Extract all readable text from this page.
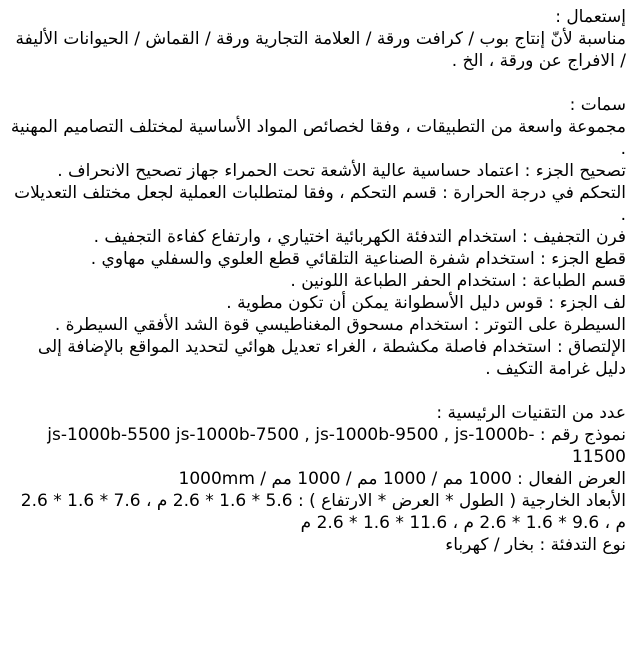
إستعمال :

مناسبة لأنّ إنتاج بوب / كرافت ورقة / العلامة التجارية ورقة / القماش / الحيوانات الأليفة / الافراج عن ورقة ، الخ .

سمات :

مجموعة واسعة من التطبيقات ، وفقا لخصائص المواد الأساسية لمختلف التصاميم المهنية .

تصحيح الجزء : اعتماد حساسية عالية الأشعة تحت الحمراء جهاز تصحيح الانحراف .

التحكم في درجة الحرارة : قسم التحكم ، وفقا لمتطلبات العملية لجعل مختلف التعديلات .

فرن التجفيف : استخدام التدفئة الكهربائية اختياري ، وارتفاع كفاءة التجفيف .

قطع الجزء : استخدام شفرة الصناعية التلقائي قطع العلوي والسفلي مهاوي .

قسم الطباعة : استخدام الحفر الطباعة اللونين .

لف الجزء : قوس دليل الأسطوانة يمكن أن تكون مطوية .

السيطرة على التوتر : استخدام مسحوق المغناطيسي قوة الشد الأفقي السيطرة .

الإلتصاق : استخدام فاصلة مكشطة ، الغراء تعديل هوائي لتحديد المواقع بالإضافة إلى دليل غرامة التكيف .

عدد من التقنيات الرئيسية :

نموذج رقم : js-1000b-5500 js-1000b-7500 , js-1000b-9500 , js-1000b-11500

العرض الفعال : 1000 مم / 1000 مم / 1000 مم / 1000mm

الأبعاد الخارجية ( الطول * العرض * الارتفاع ) : 5.6 * 1.6 * 2.6 م ، 7.6 * 1.6 * 2.6 م ، 9.6 * 1.6 * 2.6 م ، 11.6 * 1.6 * 2.6 م

نوع التدفئة : بخار / كهرباء
